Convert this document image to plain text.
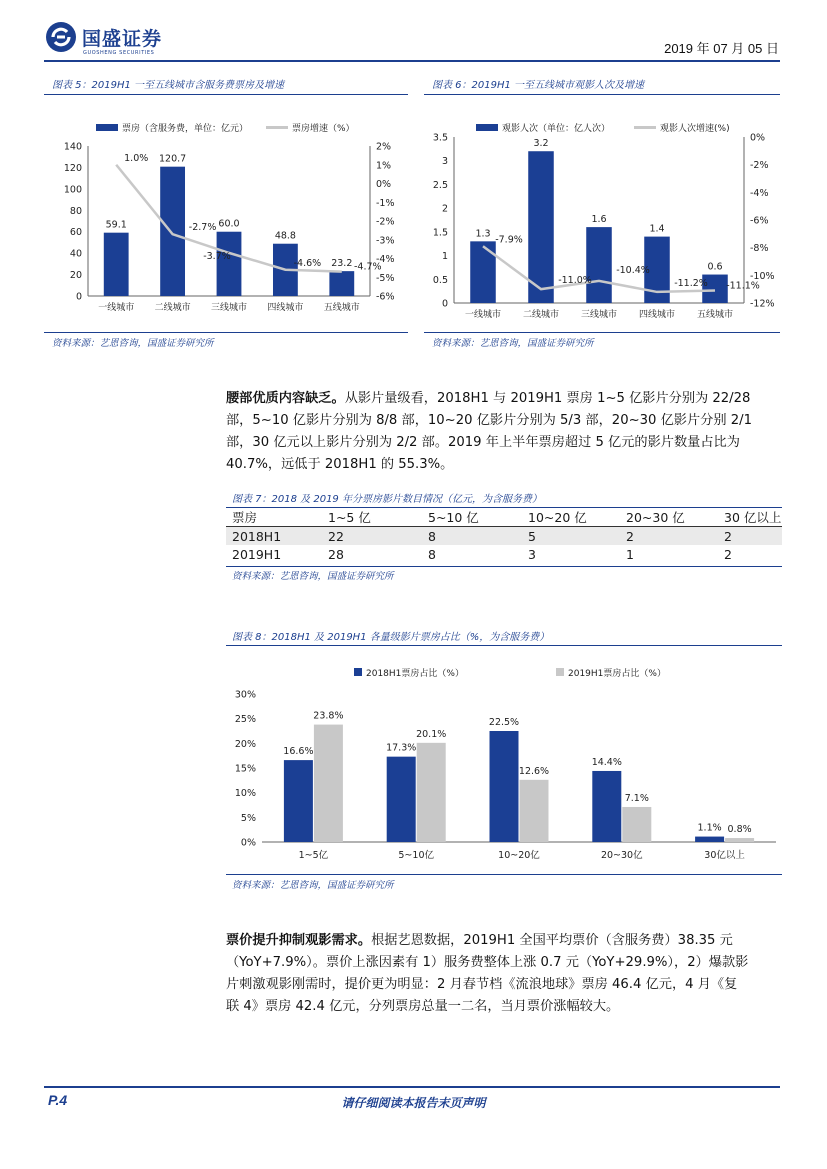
国盛证券
GUOSHENG SECURITIES	2019 年 07 月 05 日
图表 5：2019H1 一至五线城市含服务费票房及增速
票房（含服务费，单位：亿元）	票房增速（%）
0
20
40
60
80
100
120
140
-6%
-5%
-4%
-3%
-2%
-1%
0%
1%
2%
59.1
一线城市
120.7
二线城市
60.0
三线城市
48.8
四线城市
23.2
五线城市
1.0%
-2.7%
-3.7%
-4.6%	-4.7%
资料来源：艺恩咨询，国盛证券研究所
图表 6：2019H1 一至五线城市观影人次及增速
观影人次（单位：亿人次）	观影人次增速(%)
0
0.5
1
1.5
2
2.5
3
3.5
-12%
-10%
-8%
-6%
-4%
-2%
0%
1.3
一线城市
3.2
二线城市
1.6
三线城市
1.4
四线城市
0.6
五线城市
-7.9%
-11.0%
-10.4%
-11.2% -11.1%
资料来源：艺恩咨询，国盛证券研究所
腰部优质内容缺乏。从影片量级看，2018H1 与 2019H1 票房 1~5 亿影片分别为 22/28
部，5~10 亿影片分别为 8/8 部，10~20 亿影片分别为 5/3 部，20~30 亿影片分别 2/1
部，30 亿元以上影片分别为 2/2 部。2019 年上半年票房超过 5 亿元的影片数量占比为
40.7%，远低于 2018H1 的 55.3%。
图表 7：2018 及 2019 年分票房影片数目情况（亿元，为含服务费）
票房	1~5 亿	5~10 亿	10~20 亿	20~30 亿	30 亿以上
2018H1	22	8	5	2	2
2019H1	28	8	3	1	2
资料来源：艺恩咨询，国盛证券研究所
图表 8：2018H1 及 2019H1 各量级影片票房占比（%，为含服务费）
2018H1票房占比（%）	2019H1票房占比（%）
0%
5%
10%
15%
20%
25%
30%
16.6%
23.8%
1~5亿
17.3%
20.1%
5~10亿
22.5%
12.6%
10~20亿
14.4%
7.1%
20~30亿
1.1% 0.8%
30亿以上
资料来源：艺恩咨询，国盛证券研究所
票价提升抑制观影需求。根据艺恩数据，2019H1 全国平均票价（含服务费）38.35 元
（YoY+7.9%）。票价上涨因素有 1）服务费整体上涨 0.7 元（YoY+29.9%），2）爆款影
片刺激观影刚需时，提价更为明显：2 月春节档《流浪地球》票房 46.4 亿元，4 月《复
联 4》票房 42.4 亿元，分列票房总量一二名，当月票价涨幅较大。
P.4	请仔细阅读本报告末页声明
